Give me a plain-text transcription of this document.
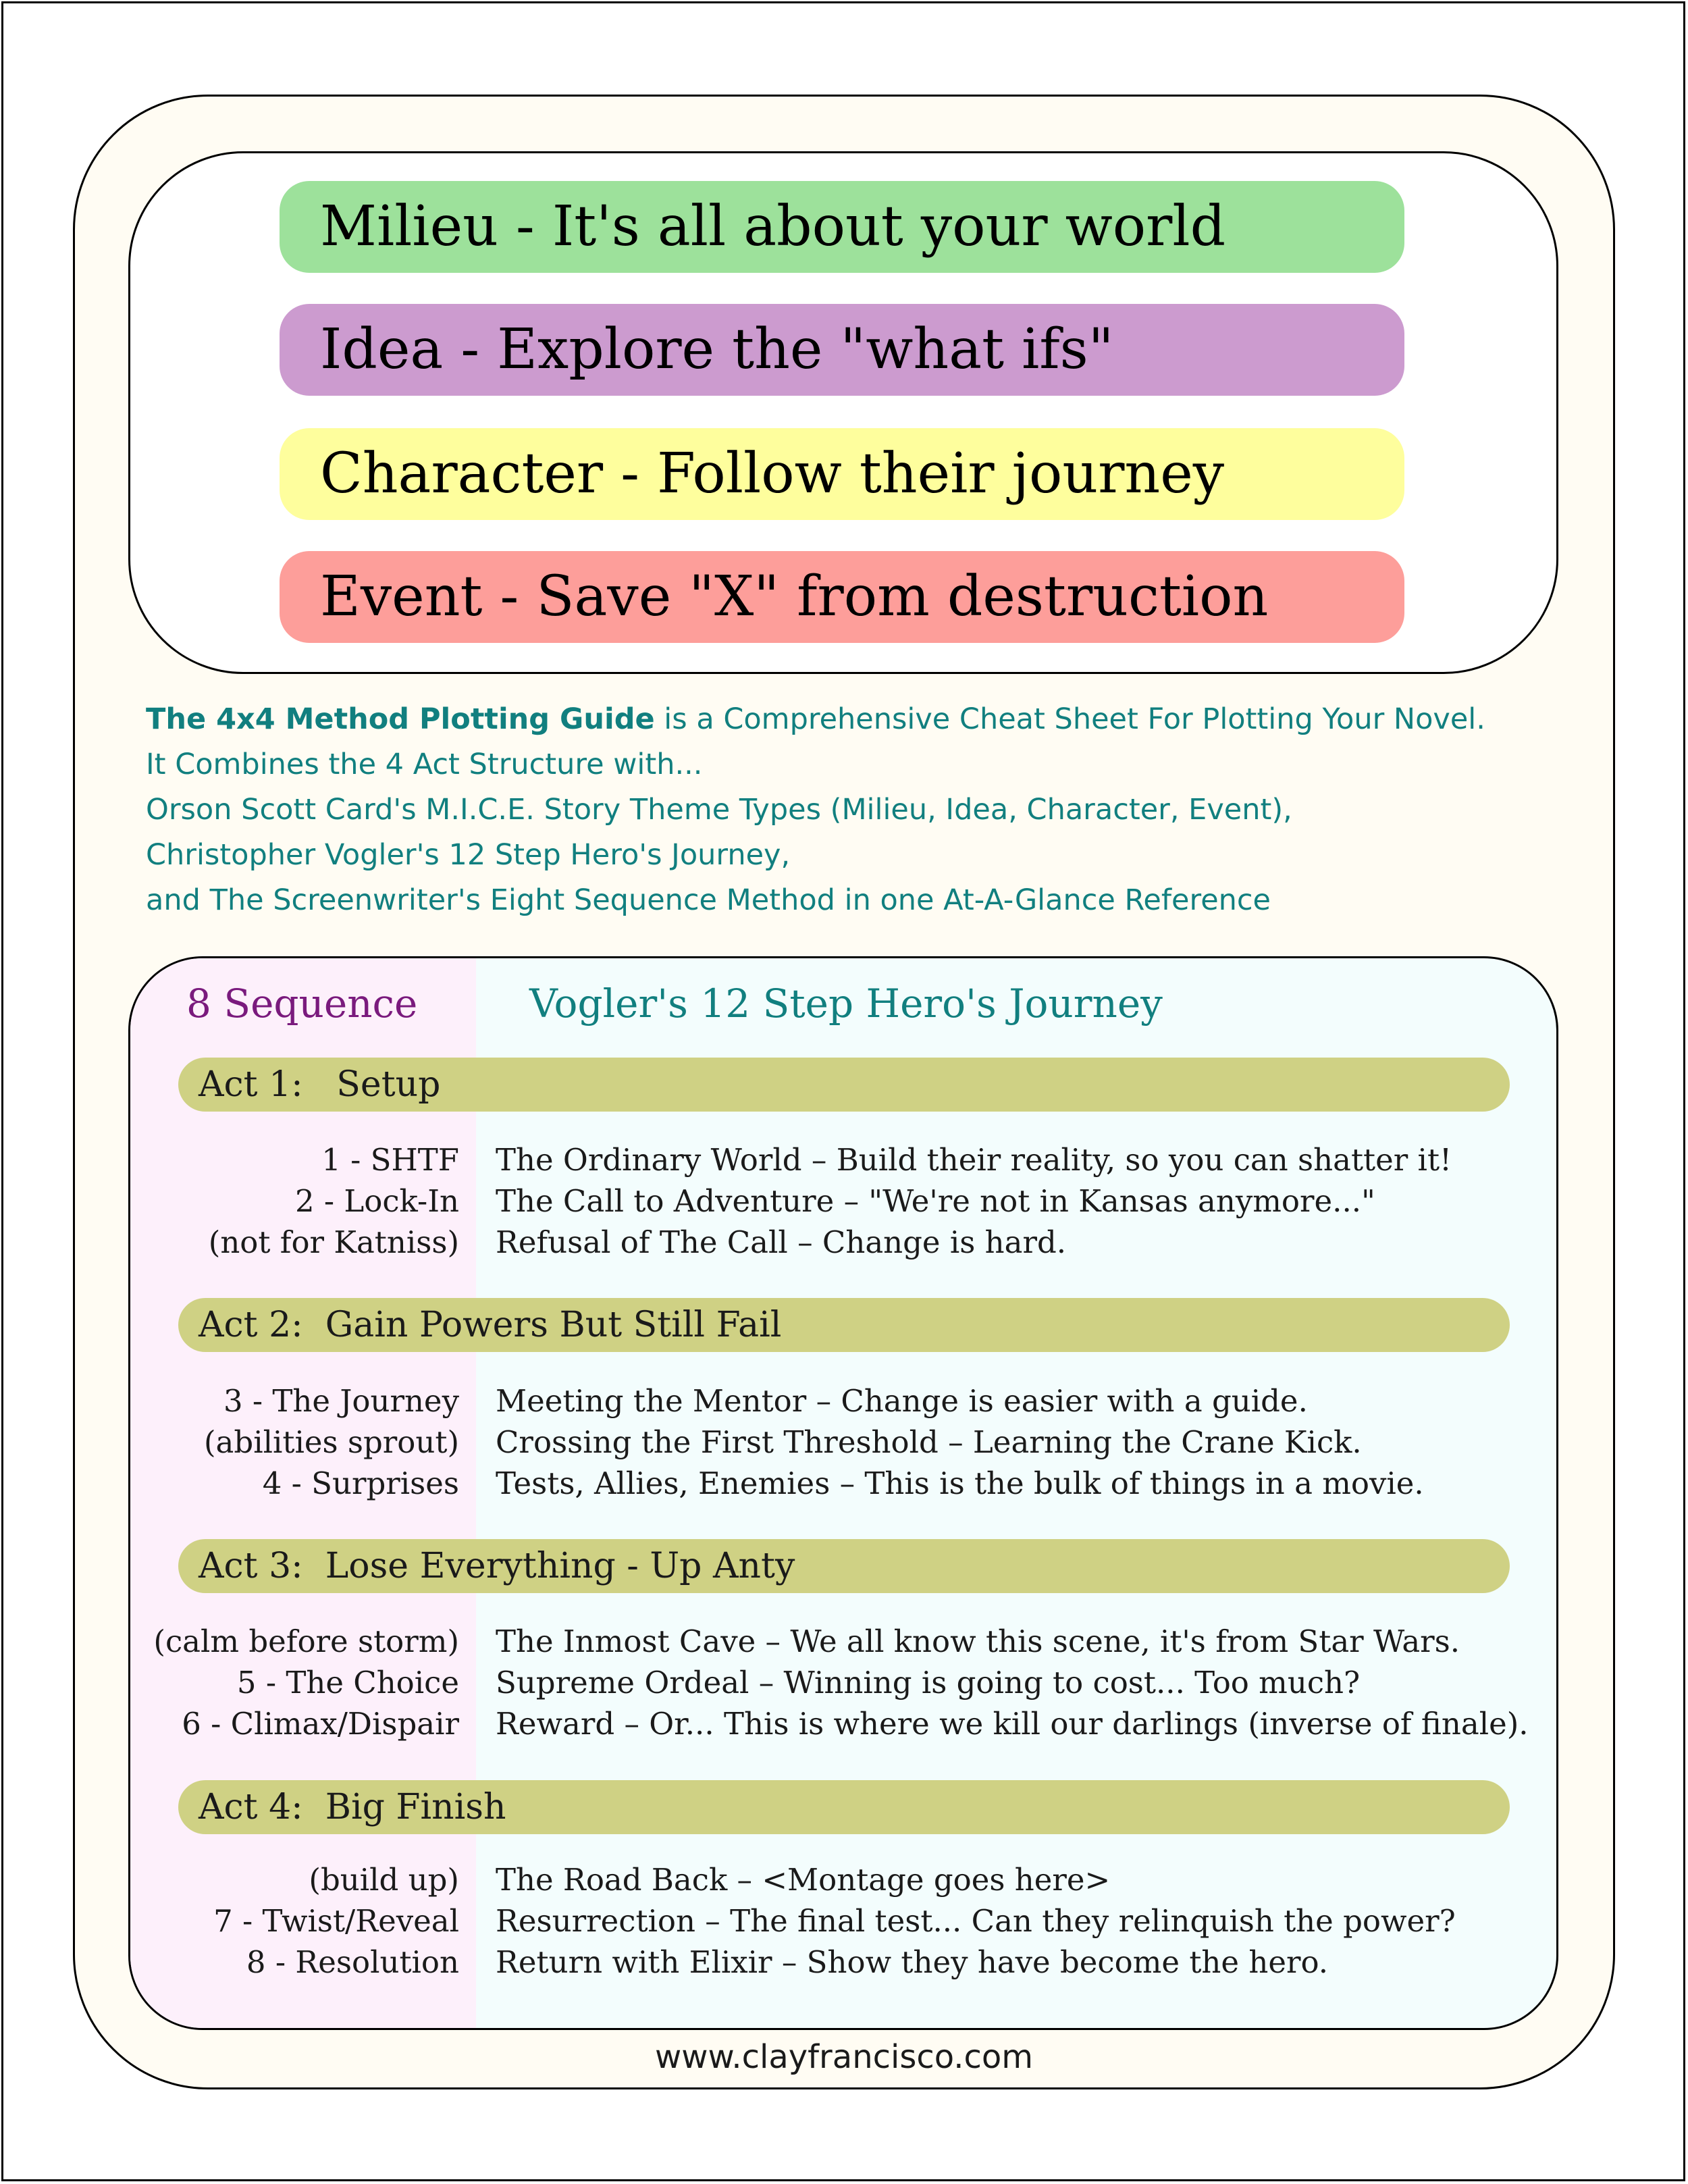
Milieu - It's all about your world
Idea - Explore the "what ifs"
Character - Follow their journey
Event - Save "X" from destruction
The 4x4 Method Plotting Guide is a Comprehensive Cheat Sheet For Plotting Your Novel.
It Combines the 4 Act Structure with...
Orson Scott Card's M.I.C.E. Story Theme Types (Milieu, Idea, Character, Event),
Christopher Vogler's 12 Step Hero's Journey,
and The Screenwriter's Eight Sequence Method in one At-A-Glance Reference
8 Sequence	Vogler's 12 Step Hero's Journey
Act 1:   Setup
1 - SHTF The Ordinary World – Build their reality, so you can shatter it!
2 - Lock-In The Call to Adventure – "We're not in Kansas anymore..."
(not for Katniss) Refusal of The Call – Change is hard.
Act 2:  Gain Powers But Still Fail
3 - The Journey Meeting the Mentor – Change is easier with a guide.
(abilities sprout) Crossing the First Threshold – Learning the Crane Kick.
4 - Surprises Tests, Allies, Enemies – This is the bulk of things in a movie.
Act 3:  Lose Everything - Up Anty
(calm before storm) The Inmost Cave – We all know this scene, it's from Star Wars.
5 - The Choice Supreme Ordeal – Winning is going to cost... Too much?
6 - Climax/Dispair Reward – Or... This is where we kill our darlings (inverse of finale).
Act 4:  Big Finish
(build up) The Road Back – <Montage goes here>
7 - Twist/Reveal Resurrection – The final test... Can they relinquish the power?
8 - Resolution Return with Elixir – Show they have become the hero.
www.clayfrancisco.com
